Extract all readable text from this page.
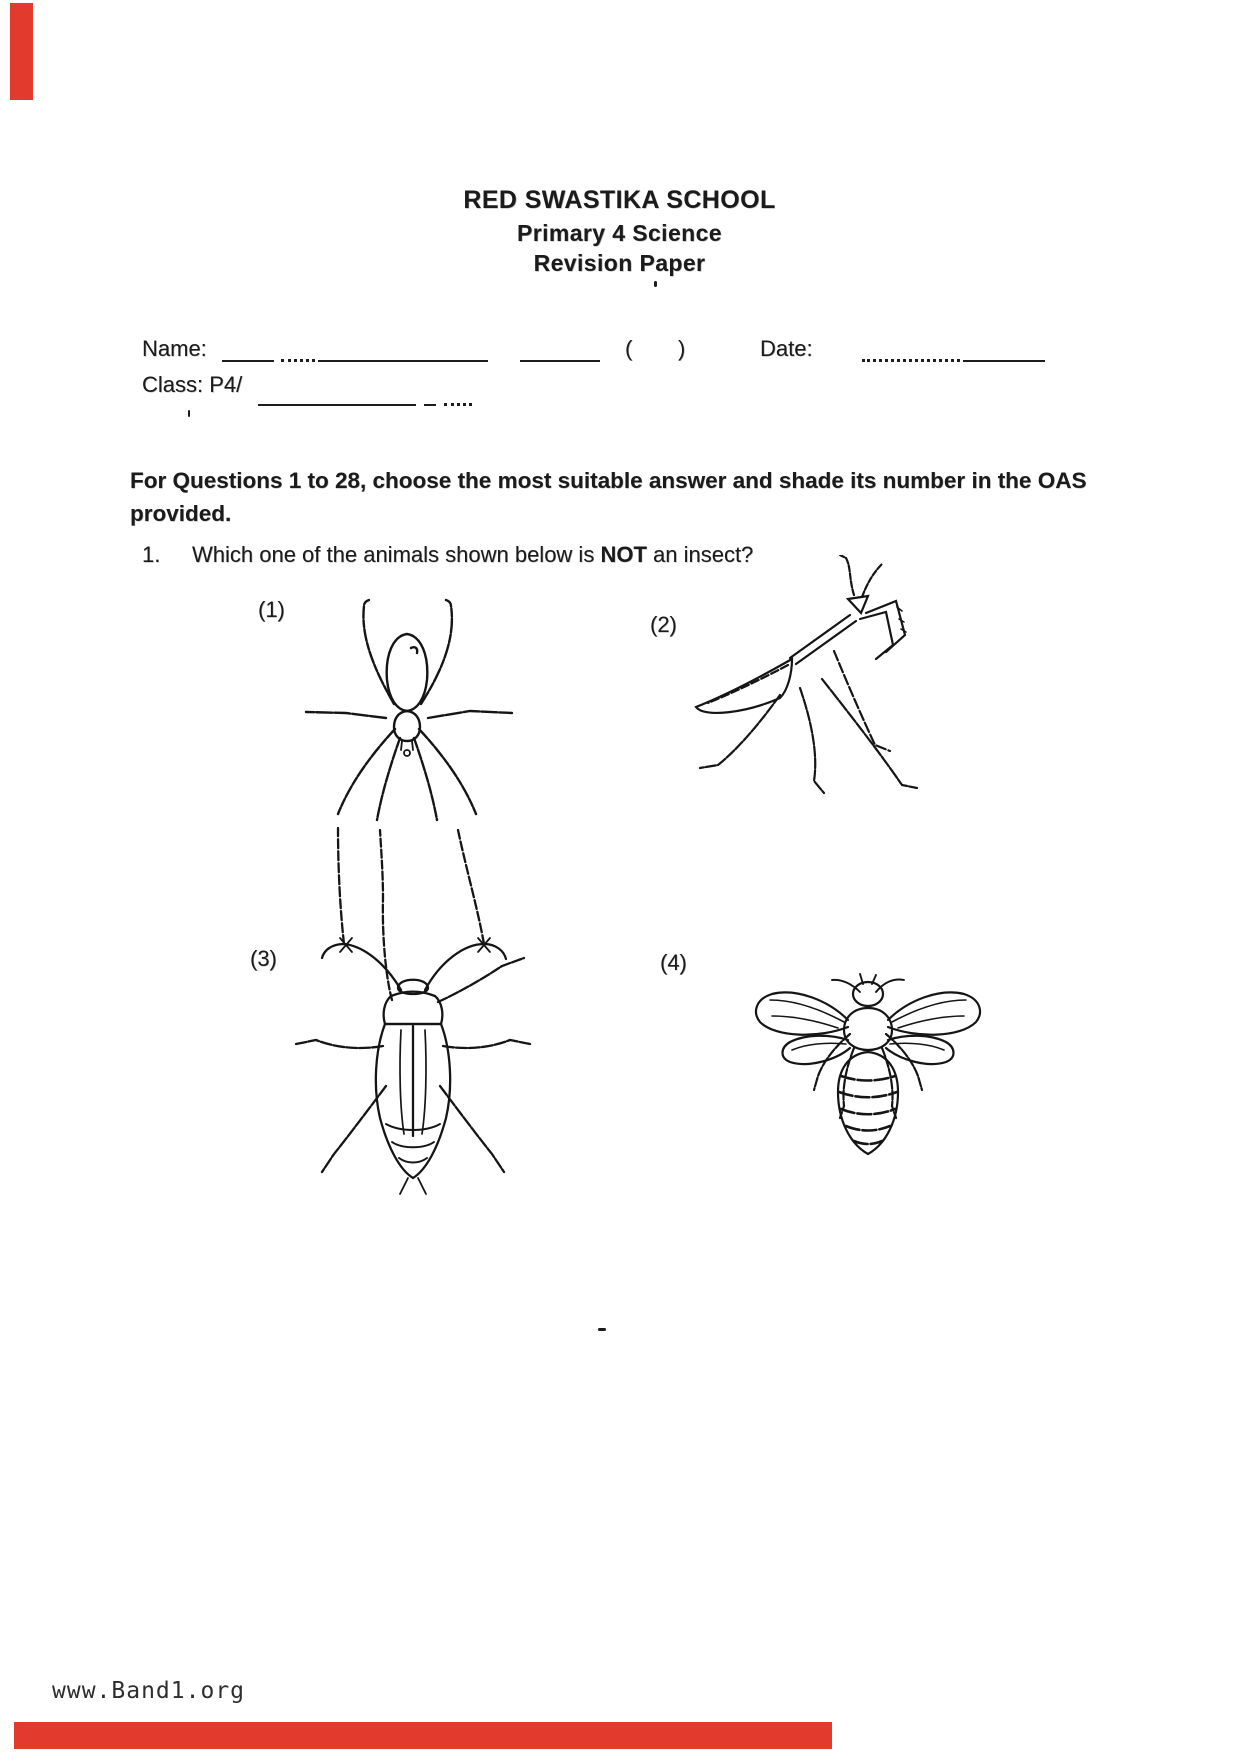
RED SWASTIKA SCHOOL
Primary 4 Science
Revision Paper
Name:	( )	Date:
Class: P4/
For Questions 1 to 28, choose the most suitable answer and shade its number in the OAS provided.
1. Which one of the animals shown below is NOT an insect?
(1)
(2)
(3)	(4)
www.Band1.org
